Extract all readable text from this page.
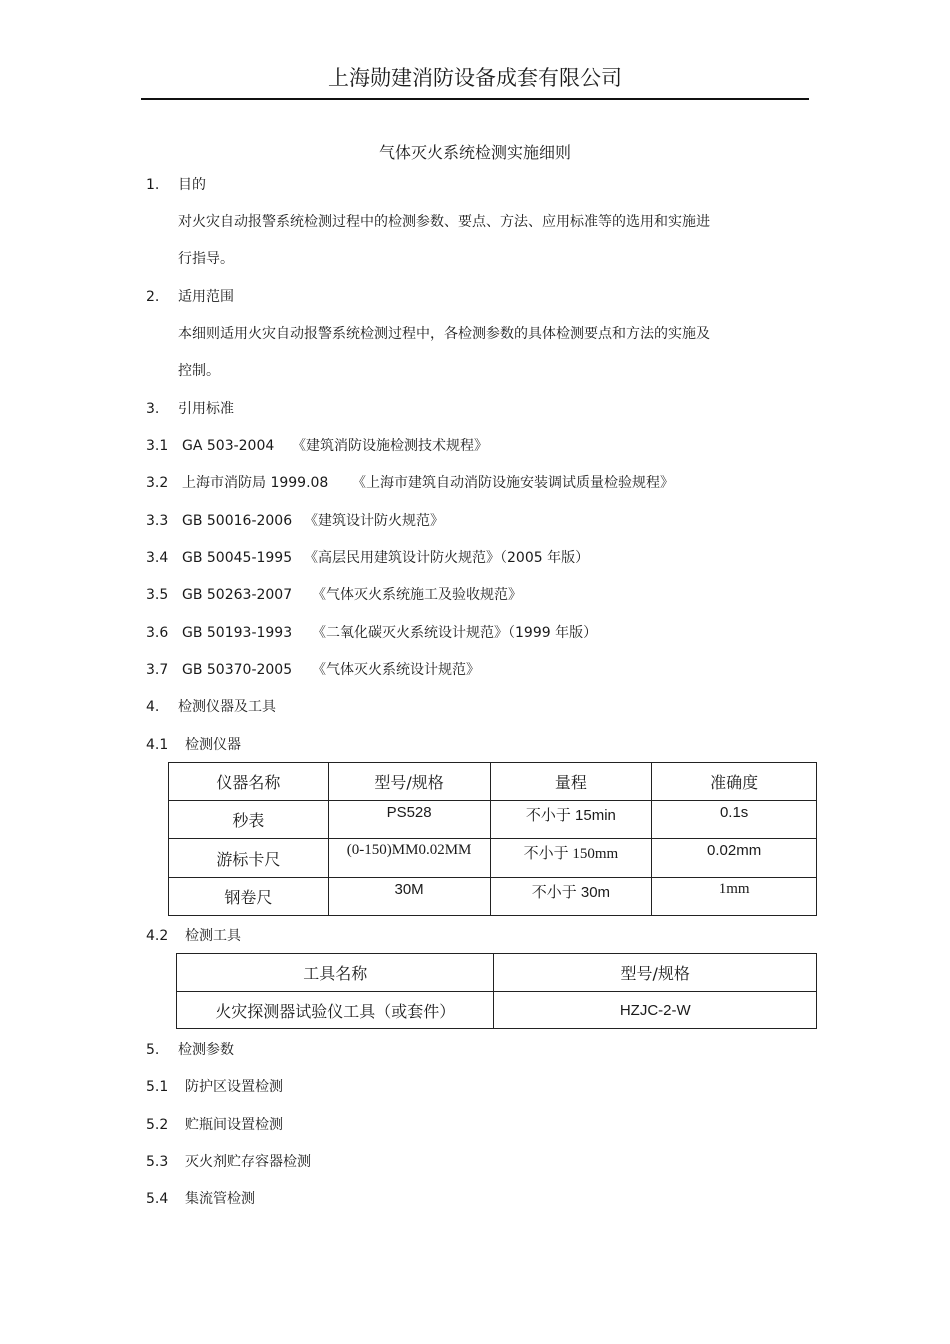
上海勋建消防设备成套有限公司
气体灭火系统检测实施细则
1. 目的
对火灾自动报警系统检测过程中的检测参数、要点、方法、应用标准等的选用和实施进
行指导。
2. 适用范围
本细则适用火灾自动报警系统检测过程中，各检测参数的具体检测要点和方法的实施及
控制。
3. 引用标准
3.1 GA 503-2004 《建筑消防设施检测技术规程》
3.2 上海市消防局 1999.08 《上海市建筑自动消防设施安装调试质量检验规程》
3.3 GB 50016-2006 《建筑设计防火规范》
3.4 GB 50045-1995 《高层民用建筑设计防火规范》（2005 年版）
3.5 GB 50263-2007 《气体灭火系统施工及验收规范》
3.6 GB 50193-1993 《二氧化碳灭火系统设计规范》（1999 年版）
3.7 GB 50370-2005 《气体灭火系统设计规范》
4. 检测仪器及工具
4.1 检测仪器
仪器名称	型号/规格	量程	准确度
秒表	PS528	不小于 15min	0.1s
游标卡尺	(0-150)MM0.02MM	不小于 150mm	0.02mm
钢卷尺	30M	不小于 30m	1mm
4.2 检测工具
工具名称	型号/规格
火灾探测器试验仪工具（或套件）	HZJC-2-W
5. 检测参数
5.1 防护区设置检测
5.2 贮瓶间设置检测
5.3 灭火剂贮存容器检测
5.4 集流管检测
